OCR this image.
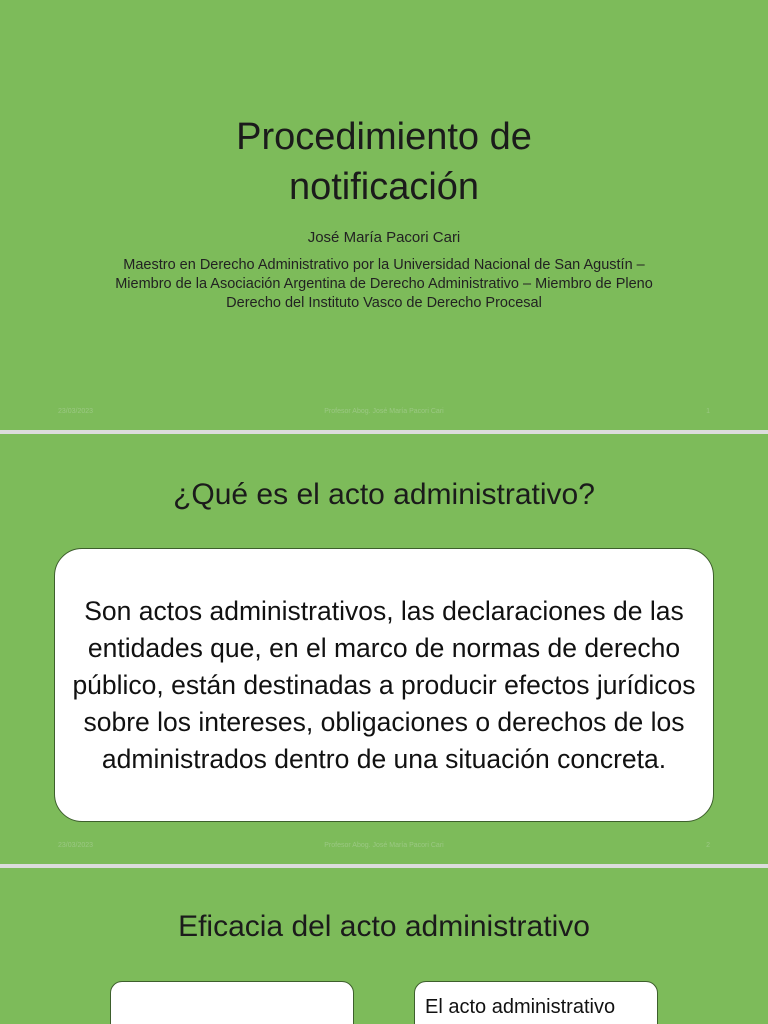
Procedimiento de notificación
José María Pacori Cari
Maestro en Derecho Administrativo por la Universidad Nacional de San Agustín – Miembro de la Asociación Argentina de Derecho Administrativo – Miembro de Pleno Derecho del Instituto Vasco de Derecho Procesal
23/03/2023	Profesor Abog. José María Pacori Cari	1
¿Qué es el acto administrativo?

Son actos administrativos, las declaraciones de las entidades que, en el marco de normas de derecho público, están destinadas a producir efectos jurídicos sobre los intereses, obligaciones o derechos de los administrados dentro de una situación concreta.

23/03/2023	Profesor Abog. José María Pacori Cari	2
Eficacia del acto administrativo
El acto administrativo
